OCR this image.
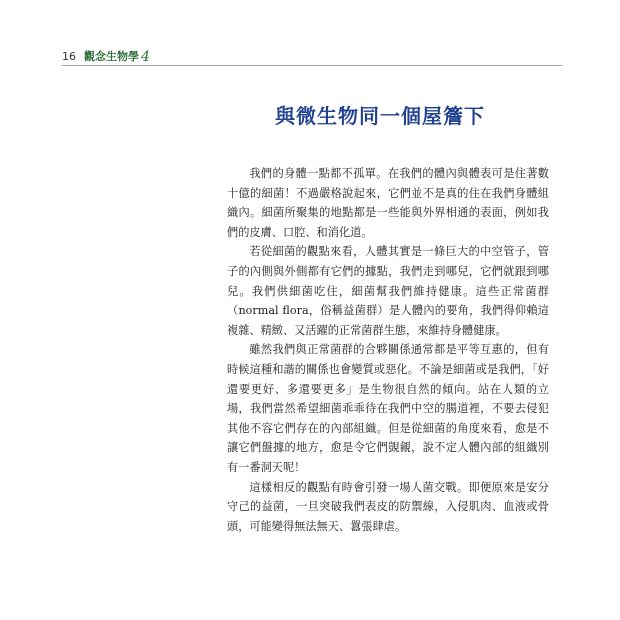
16 觀念生物學 4
與微生物同一個屋簷下

我們的身體一點都不孤單。在我們的體內與體表可是住著數十億的細菌！不過嚴格說起來，它們並不是真的住在我們身體組織內。細菌所聚集的地點都是一些能與外界相通的表面，例如我們的皮膚、口腔、和消化道。

若從細菌的觀點來看，人體其實是一條巨大的中空管子，管子的內側與外側都有它們的據點，我們走到哪兒，它們就跟到哪兒。我們供細菌吃住，細菌幫我們維持健康。這些正常菌群（normal flora，俗稱益菌群）是人體內的要角，我們得仰賴這複雜、精緻、又活躍的正常菌群生態，來維持身體健康。

雖然我們與正常菌群的合夥關係通常都是平等互惠的，但有時候這種和諧的關係也會變質或惡化。不論是細菌或是我們，「好還要更好、多還要更多」是生物很自然的傾向。站在人類的立場，我們當然希望細菌乖乖待在我們中空的腸道裡，不要去侵犯其他不容它們存在的內部組織。但是從細菌的角度來看，愈是不讓它們盤據的地方，愈是令它們覬覦，說不定人體內部的組織別有一番洞天呢！

這樣相反的觀點有時會引發一場人菌交戰。即便原來是安分守己的益菌，一旦突破我們表皮的防禦線，入侵肌肉、血液或骨頭，可能變得無法無天、囂張肆虐。
